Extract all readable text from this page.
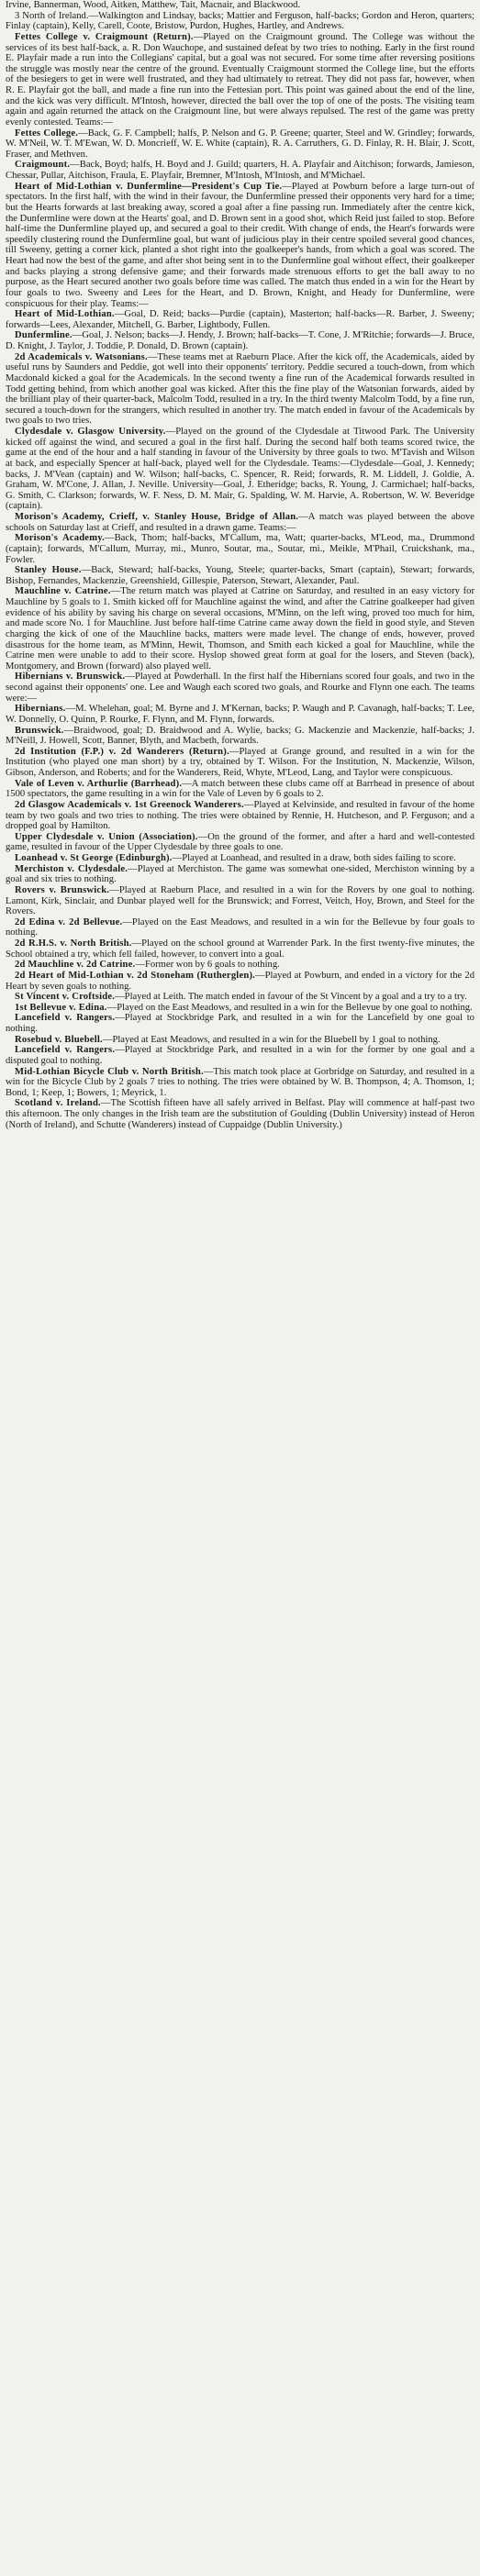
Irvine, Bannerman, Wood, Aitken, Matthew, Tait, Macnair, and Blackwood.

3 North of Ireland.—Walkington and Lindsay, backs; Mattier and Ferguson, half-backs; Gordon and Heron, quarters; Finlay (captain), Kelly, Carell, Coote, Bristow, Purdon, Hughes, Hartley, and Andrews.

Fettes College v. Craigmount (Return).—Played on the Craigmount ground. The College was without the services of its best half-back, a. R. Don Wauchope, and sustained defeat by two tries to nothing. Early in the first round E. Playfair made a run into the Collegians' capital, but a goal was not secured. For some time after reversing positions the struggle was mostly near the centre of the ground. Eventually Craigmount stormed the College line, but the efforts of the besiegers to get in were well frustrated, and they had ultimately to retreat. They did not pass far, however, when R. E. Playfair got the ball, and made a fine run into the Fettesian port. This point was gained about the end of the line, and the kick was very difficult. M'Intosh, however, directed the ball over the top of one of the posts. The visiting team again and again returned the attack on the Craigmount line, but were always repulsed. The rest of the game was pretty evenly contested. Teams:—

Fettes College.—Back, G. F. Campbell; halfs, P. Nelson and G. P. Greene; quarter, Steel and W. Grindley; forwards, W. M'Neil, W. T. M'Ewan, W. D. Moncrieff, W. E. White (captain), R. A. Carruthers, G. D. Finlay, R. H. Blair, J. Scott, Fraser, and Methven.

Craigmount.—Back, Boyd; halfs, H. Boyd and J. Guild; quarters, H. A. Playfair and Aitchison; forwards, Jamieson, Chessar, Pullar, Aitchison, Fraula, E. Playfair, Bremner, M'Intosh, M'Intosh, and M'Michael.

Heart of Mid-Lothian v. Dunfermline—President's Cup Tie.—Played at Powburn before a large turn-out of spectators. In the first half, with the wind in their favour, the Dunfermline pressed their opponents very hard for a time; but the Hearts forwards at last breaking away, scored a goal after a fine passing run. Immediately after the centre kick, the Dunfermline were down at the Hearts' goal, and D. Brown sent in a good shot, which Reid just failed to stop. Before half-time the Dunfermline played up, and secured a goal to their credit. With change of ends, the Heart's forwards were speedily clustering round the Dunfermline goal, but want of judicious play in their centre spoiled several good chances, till Sweeny, getting a corner kick, planted a shot right into the goalkeeper's hands, from which a goal was scored. The Heart had now the best of the game, and after shot being sent in to the Dunfermline goal without effect, their goalkeeper and backs playing a strong defensive game; and their forwards made strenuous efforts to get the ball away to no purpose, as the Heart secured another two goals before time was called. The match thus ended in a win for the Heart by four goals to two. Sweeny and Lees for the Heart, and D. Brown, Knight, and Heady for Dunfermline, were conspicuous for their play. Teams:—

Heart of Mid-Lothian.—Goal, D. Reid; backs—Purdie (captain), Masterton; half-backs—R. Barber, J. Sweeny; forwards—Lees, Alexander, Mitchell, G. Barber, Lightbody, Fullen.

Dunfermline.—Goal, J. Nelson; backs—J. Hendy, J. Brown; half-backs—T. Cone, J. M'Ritchie; forwards—J. Bruce, D. Knight, J. Taylor, J. Toddie, P. Donald, D. Brown (captain).

2d Academicals v. Watsonians.—These teams met at Raeburn Place. After the kick off, the Academicals, aided by useful runs by Saunders and Peddie, got well into their opponents' territory. Peddie secured a touch-down, from which Macdonald kicked a goal for the Academicals. In the second twenty a fine run of the Academical forwards resulted in Todd getting behind, from which another goal was kicked. After this the fine play of the Watsonian forwards, aided by the brilliant play of their quarter-back, Malcolm Todd, resulted in a try. In the third twenty Malcolm Todd, by a fine run, secured a touch-down for the strangers, which resulted in another try. The match ended in favour of the Academicals by two goals to two tries.

Clydesdale v. Glasgow University.—Played on the ground of the Clydesdale at Titwood Park. The University kicked off against the wind, and secured a goal in the first half. During the second half both teams scored twice, the game at the end of the hour and a half standing in favour of the University by three goals to two. M'Tavish and Wilson at back, and especially Spencer at half-back, played well for the Clydesdale. Teams:—Clydesdale—Goal, J. Kennedy; backs, J. M'Vean (captain) and W. Wilson; half-backs, C. Spencer, R. Reid; forwards, R. M. Liddell, J. Goldie, A. Graham, W. M'Cone, J. Allan, J. Neville. University—Goal, J. Etheridge; backs, R. Young, J. Carmichael; half-backs, G. Smith, C. Clarkson; forwards, W. F. Ness, D. M. Mair, G. Spalding, W. M. Harvie, A. Robertson, W. W. Beveridge (captain).

Morison's Academy, Crieff, v. Stanley House, Bridge of Allan.—A match was played between the above schools on Saturday last at Crieff, and resulted in a drawn game. Teams:—

Morison's Academy.—Back, Thom; half-backs, M'Callum, ma, Watt; quarter-backs, M'Leod, ma., Drummond (captain); forwards, M'Callum, Murray, mi., Munro, Soutar, ma., Soutar, mi., Meikle, M'Phail, Cruickshank, ma., Fowler.

Stanley House.—Back, Steward; half-backs, Young, Steele; quarter-backs, Smart (captain), Stewart; forwards, Bishop, Fernandes, Mackenzie, Greenshield, Gillespie, Paterson, Stewart, Alexander, Paul.

Mauchline v. Catrine.—The return match was played at Catrine on Saturday, and resulted in an easy victory for Mauchline by 5 goals to 1. Smith kicked off for Mauchline against the wind, and after the Catrine goalkeeper had given evidence of his ability by saving his charge on several occasions, M'Minn, on the left wing, proved too much for him, and made score No. 1 for Mauchline. Just before half-time Catrine came away down the field in good style, and Steven charging the kick of one of the Mauchline backs, matters were made level. The change of ends, however, proved disastrous for the home team, as M'Minn, Hewit, Thomson, and Smith each kicked a goal for Mauchline, while the Catrine men were unable to add to their score. Hyslop showed great form at goal for the losers, and Steven (back), Montgomery, and Brown (forward) also played well.

Hibernians v. Brunswick.—Played at Powderhall. In the first half the Hibernians scored four goals, and two in the second against their opponents' one. Lee and Waugh each scored two goals, and Rourke and Flynn one each. The teams were:—

Hibernians.—M. Whelehan, goal; M. Byrne and J. M'Kernan, backs; P. Waugh and P. Cavanagh, half-backs; T. Lee, W. Donnelly, O. Quinn, P. Rourke, F. Flynn, and M. Flynn, forwards.

Brunswick.—Braidwood, goal; D. Braidwood and A. Wylie, backs; G. Mackenzie and Mackenzie, half-backs; J. M'Neill, J. Howell, Scott, Banner, Blyth, and Macbeth, forwards.

2d Institution (F.P.) v. 2d Wanderers (Return).—Played at Grange ground, and resulted in a win for the Institution (who played one man short) by a try, obtained by T. Wilson. For the Institution, N. Mackenzie, Wilson, Gibson, Anderson, and Roberts; and for the Wanderers, Reid, Whyte, M'Leod, Lang, and Taylor were conspicuous.

Vale of Leven v. Arthurlie (Barrhead).—A match between these clubs came off at Barrhead in presence of about 1500 spectators, the game resulting in a win for the Vale of Leven by 6 goals to 2.

2d Glasgow Academicals v. 1st Greenock Wanderers.—Played at Kelvinside, and resulted in favour of the home team by two goals and two tries to nothing. The tries were obtained by Rennie, H. Hutcheson, and P. Ferguson; and a dropped goal by Hamilton.

Upper Clydesdale v. Union (Association).—On the ground of the former, and after a hard and well-contested game, resulted in favour of the Upper Clydesdale by three goals to one.

Loanhead v. St George (Edinburgh).—Played at Loanhead, and resulted in a draw, both sides failing to score.

Merchiston v. Clydesdale.—Played at Merchiston. The game was somewhat one-sided, Merchiston winning by a goal and six tries to nothing.

Rovers v. Brunswick.—Played at Raeburn Place, and resulted in a win for the Rovers by one goal to nothing. Lamont, Kirk, Sinclair, and Dunbar played well for the Brunswick; and Forrest, Veitch, Hoy, Brown, and Steel for the Rovers.

2d Edina v. 2d Bellevue.—Played on the East Meadows, and resulted in a win for the Bellevue by four goals to nothing.

2d R.H.S. v. North British.—Played on the school ground at Warrender Park. In the first twenty-five minutes, the School obtained a try, which fell failed, however, to convert into a goal.

2d Mauchline v. 2d Catrine.—Former won by 6 goals to nothing.

2d Heart of Mid-Lothian v. 2d Stoneham (Rutherglen).—Played at Powburn, and ended in a victory for the 2d Heart by seven goals to nothing.

St Vincent v. Croftside.—Played at Leith. The match ended in favour of the St Vincent by a goal and a try to a try.

1st Bellevue v. Edina.—Played on the East Meadows, and resulted in a win for the Bellevue by one goal to nothing.

Lancefield v. Rangers.—Played at Stockbridge Park, and resulted in a win for the Lancefield by one goal to nothing.

Rosebud v. Bluebell.—Played at East Meadows, and resulted in a win for the Bluebell by 1 goal to nothing.

Lancefield v. Rangers.—Played at Stockbridge Park, and resulted in a win for the former by one goal and a disputed goal to nothing.

Mid-Lothian Bicycle Club v. North British.—This match took place at Gorbridge on Saturday, and resulted in a win for the Bicycle Club by 2 goals 7 tries to nothing. The tries were obtained by W. B. Thompson, 4; A. Thomson, 1; Bond, 1; Keep, 1; Bowers, 1; Meyrick, 1.

Scotland v. Ireland.—The Scottish fifteen have all safely arrived in Belfast. Play will commence at half-past two this afternoon. The only changes in the Irish team are the substitution of Goulding (Dublin University) instead of Heron (North of Ireland), and Schutte (Wanderers) instead of Cuppaidge (Dublin University.)
